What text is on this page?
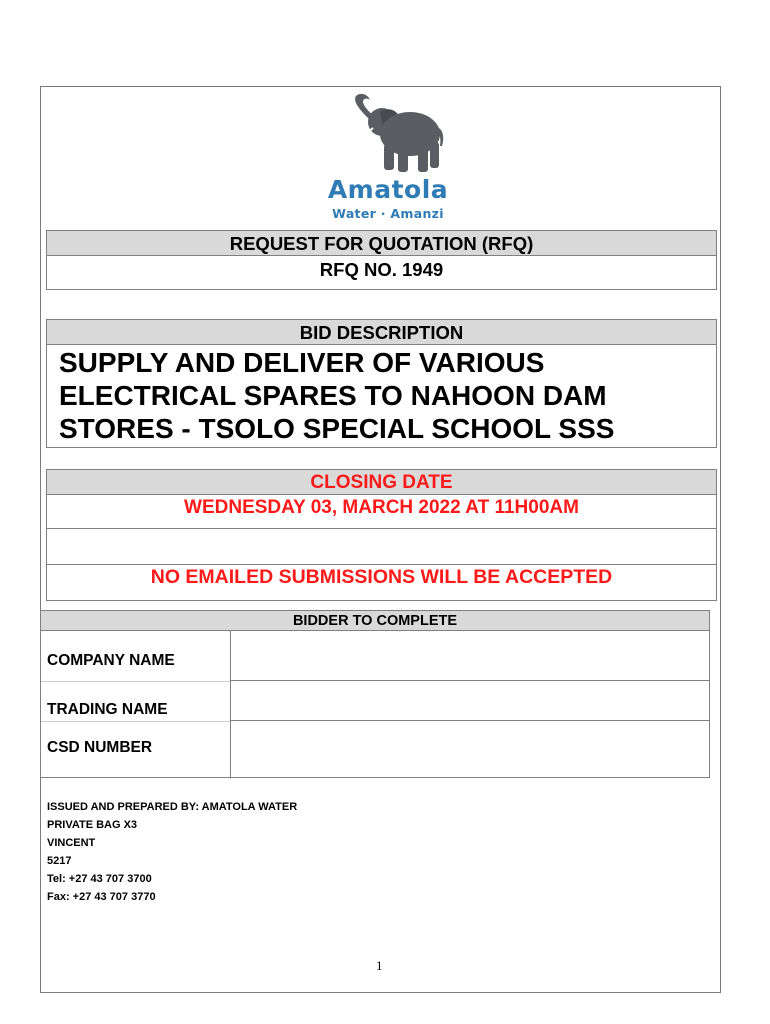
Amatola
Water · Amanzi
REQUEST FOR QUOTATION (RFQ)
RFQ NO. 1949
BID DESCRIPTION
SUPPLY AND DELIVER OF VARIOUS
ELECTRICAL SPARES TO NAHOON DAM
STORES - TSOLO SPECIAL SCHOOL SSS
CLOSING DATE
WEDNESDAY 03, MARCH 2022 AT 11H00AM
NO EMAILED SUBMISSIONS WILL BE ACCEPTED
BIDDER TO COMPLETE
COMPANY NAME
TRADING NAME
CSD NUMBER
ISSUED AND PREPARED BY: AMATOLA WATER
PRIVATE BAG X3
VINCENT
5217
Tel: +27 43 707 3700
Fax: +27 43 707 3770
1
